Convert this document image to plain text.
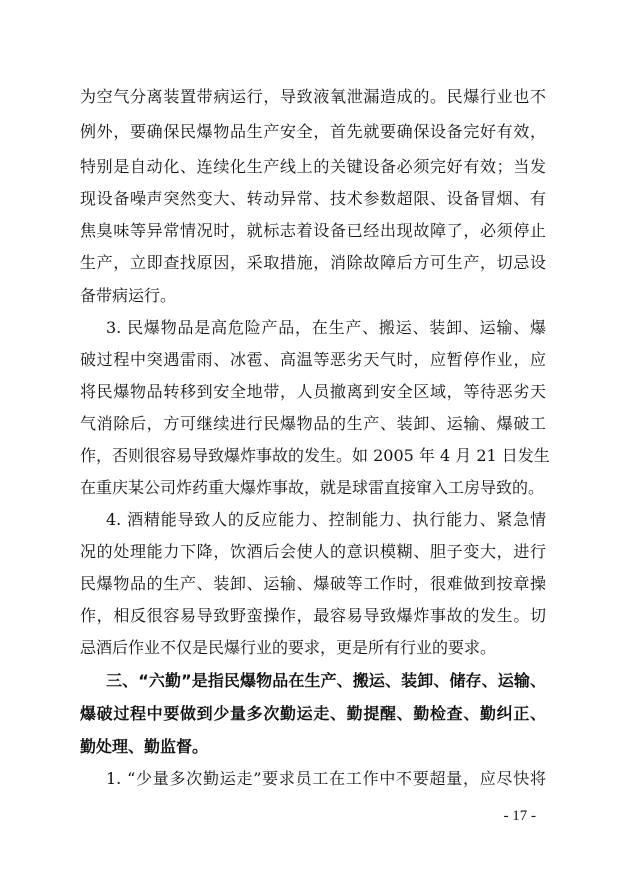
为空气分离装置带病运行，导致液氧泄漏造成的。民爆行业也不
例外，要确保民爆物品生产安全，首先就要确保设备完好有效，
特别是自动化、连续化生产线上的关键设备必须完好有效；当发
现设备噪声突然变大、转动异常、技术参数超限、设备冒烟、有
焦臭味等异常情况时，就标志着设备已经出现故障了，必须停止
生产，立即查找原因，采取措施，消除故障后方可生产，切忌设
备带病运行。
3. 民爆物品是高危险产品，在生产、搬运、装卸、运输、爆
破过程中突遇雷雨、冰雹、高温等恶劣天气时，应暂停作业，应
将民爆物品转移到安全地带，人员撤离到安全区域，等待恶劣天
气消除后，方可继续进行民爆物品的生产、装卸、运输、爆破工
作，否则很容易导致爆炸事故的发生。如 2005 年 4 月 21 日发生
在重庆某公司炸药重大爆炸事故，就是球雷直接窜入工房导致的。
4. 酒精能导致人的反应能力、控制能力、执行能力、紧急情
况的处理能力下降，饮酒后会使人的意识模糊、胆子变大，进行
民爆物品的生产、装卸、运输、爆破等工作时，很难做到按章操
作，相反很容易导致野蛮操作，最容易导致爆炸事故的发生。切
忌酒后作业不仅是民爆行业的要求，更是所有行业的要求。
三、“六勤”是指民爆物品在生产、搬运、装卸、储存、运输、
爆破过程中要做到少量多次勤运走、勤提醒、勤检查、勤纠正、
勤处理、勤监督。
1. “少量多次勤运走”要求员工在工作中不要超量，应尽快将
- 17 -
